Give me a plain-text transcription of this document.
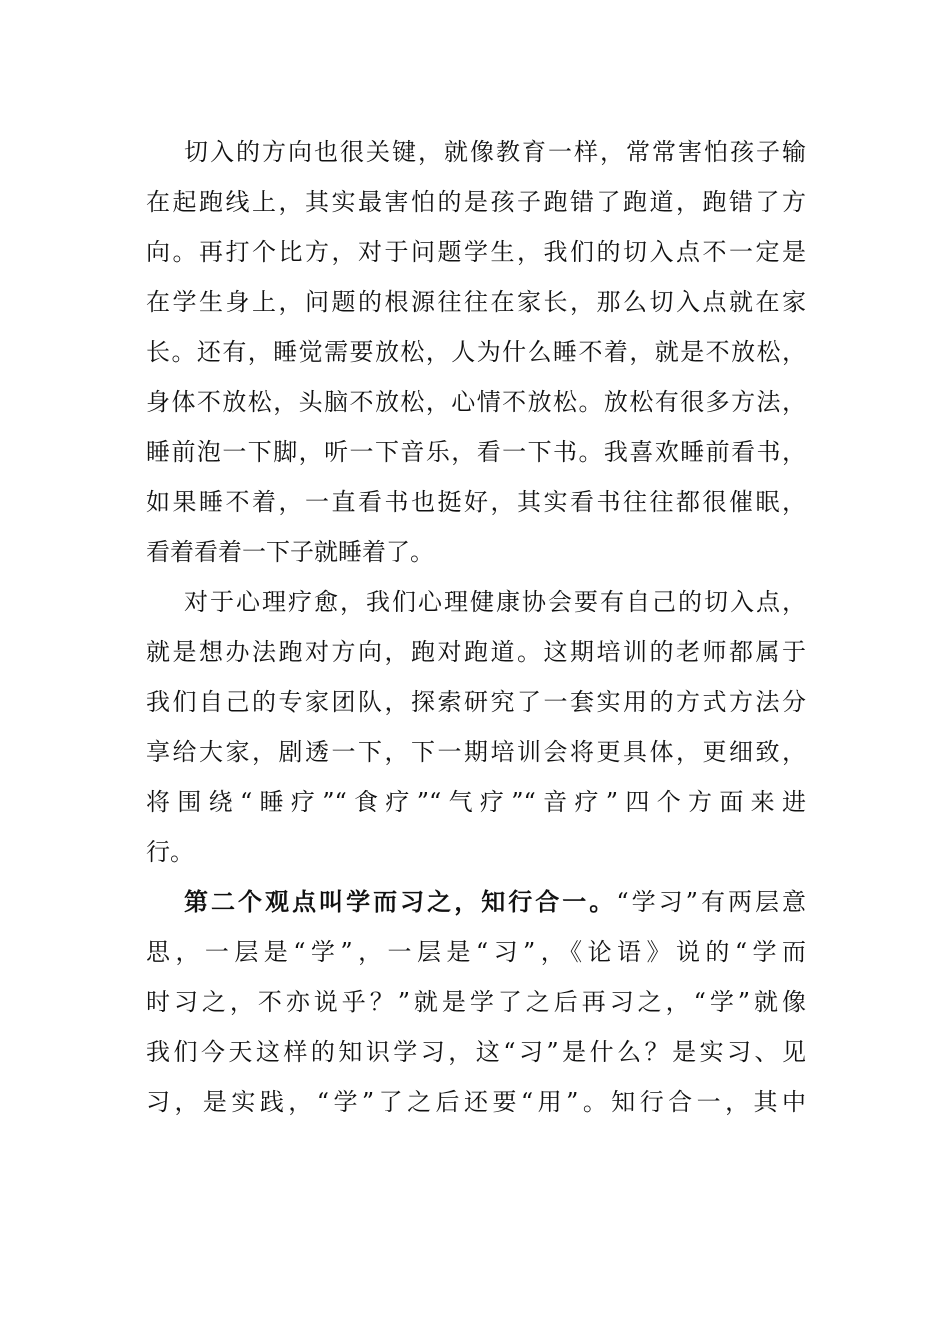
切入的方向也很关键，就像教育一样，常常害怕孩子输
在起跑线上，其实最害怕的是孩子跑错了跑道，跑错了方
向。再打个比方，对于问题学生，我们的切入点不一定是
在学生身上，问题的根源往往在家长，那么切入点就在家
长。还有，睡觉需要放松，人为什么睡不着，就是不放松，
身体不放松，头脑不放松，心情不放松。放松有很多方法，
睡前泡一下脚，听一下音乐，看一下书。我喜欢睡前看书，
如果睡不着，一直看书也挺好，其实看书往往都很催眠，
看着看着一下子就睡着了。
对于心理疗愈，我们心理健康协会要有自己的切入点，
就是想办法跑对方向，跑对跑道。这期培训的老师都属于
我们自己的专家团队，探索研究了一套实用的方式方法分
享给大家，剧透一下，下一期培训会将更具体，更细致，
将围绕“睡疗”“食疗”“气疗”“音疗”四个方面来进
行。
第二个观点叫学而习之，知行合一。“学习”有两层意
思，一层是“学”，一层是“习”，《论语》说的“学而
时习之，不亦说乎？”就是学了之后再习之，“学”就像
我们今天这样的知识学习，这“习”是什么？是实习、见
习，是实践，“学”了之后还要“用”。知行合一，其中
